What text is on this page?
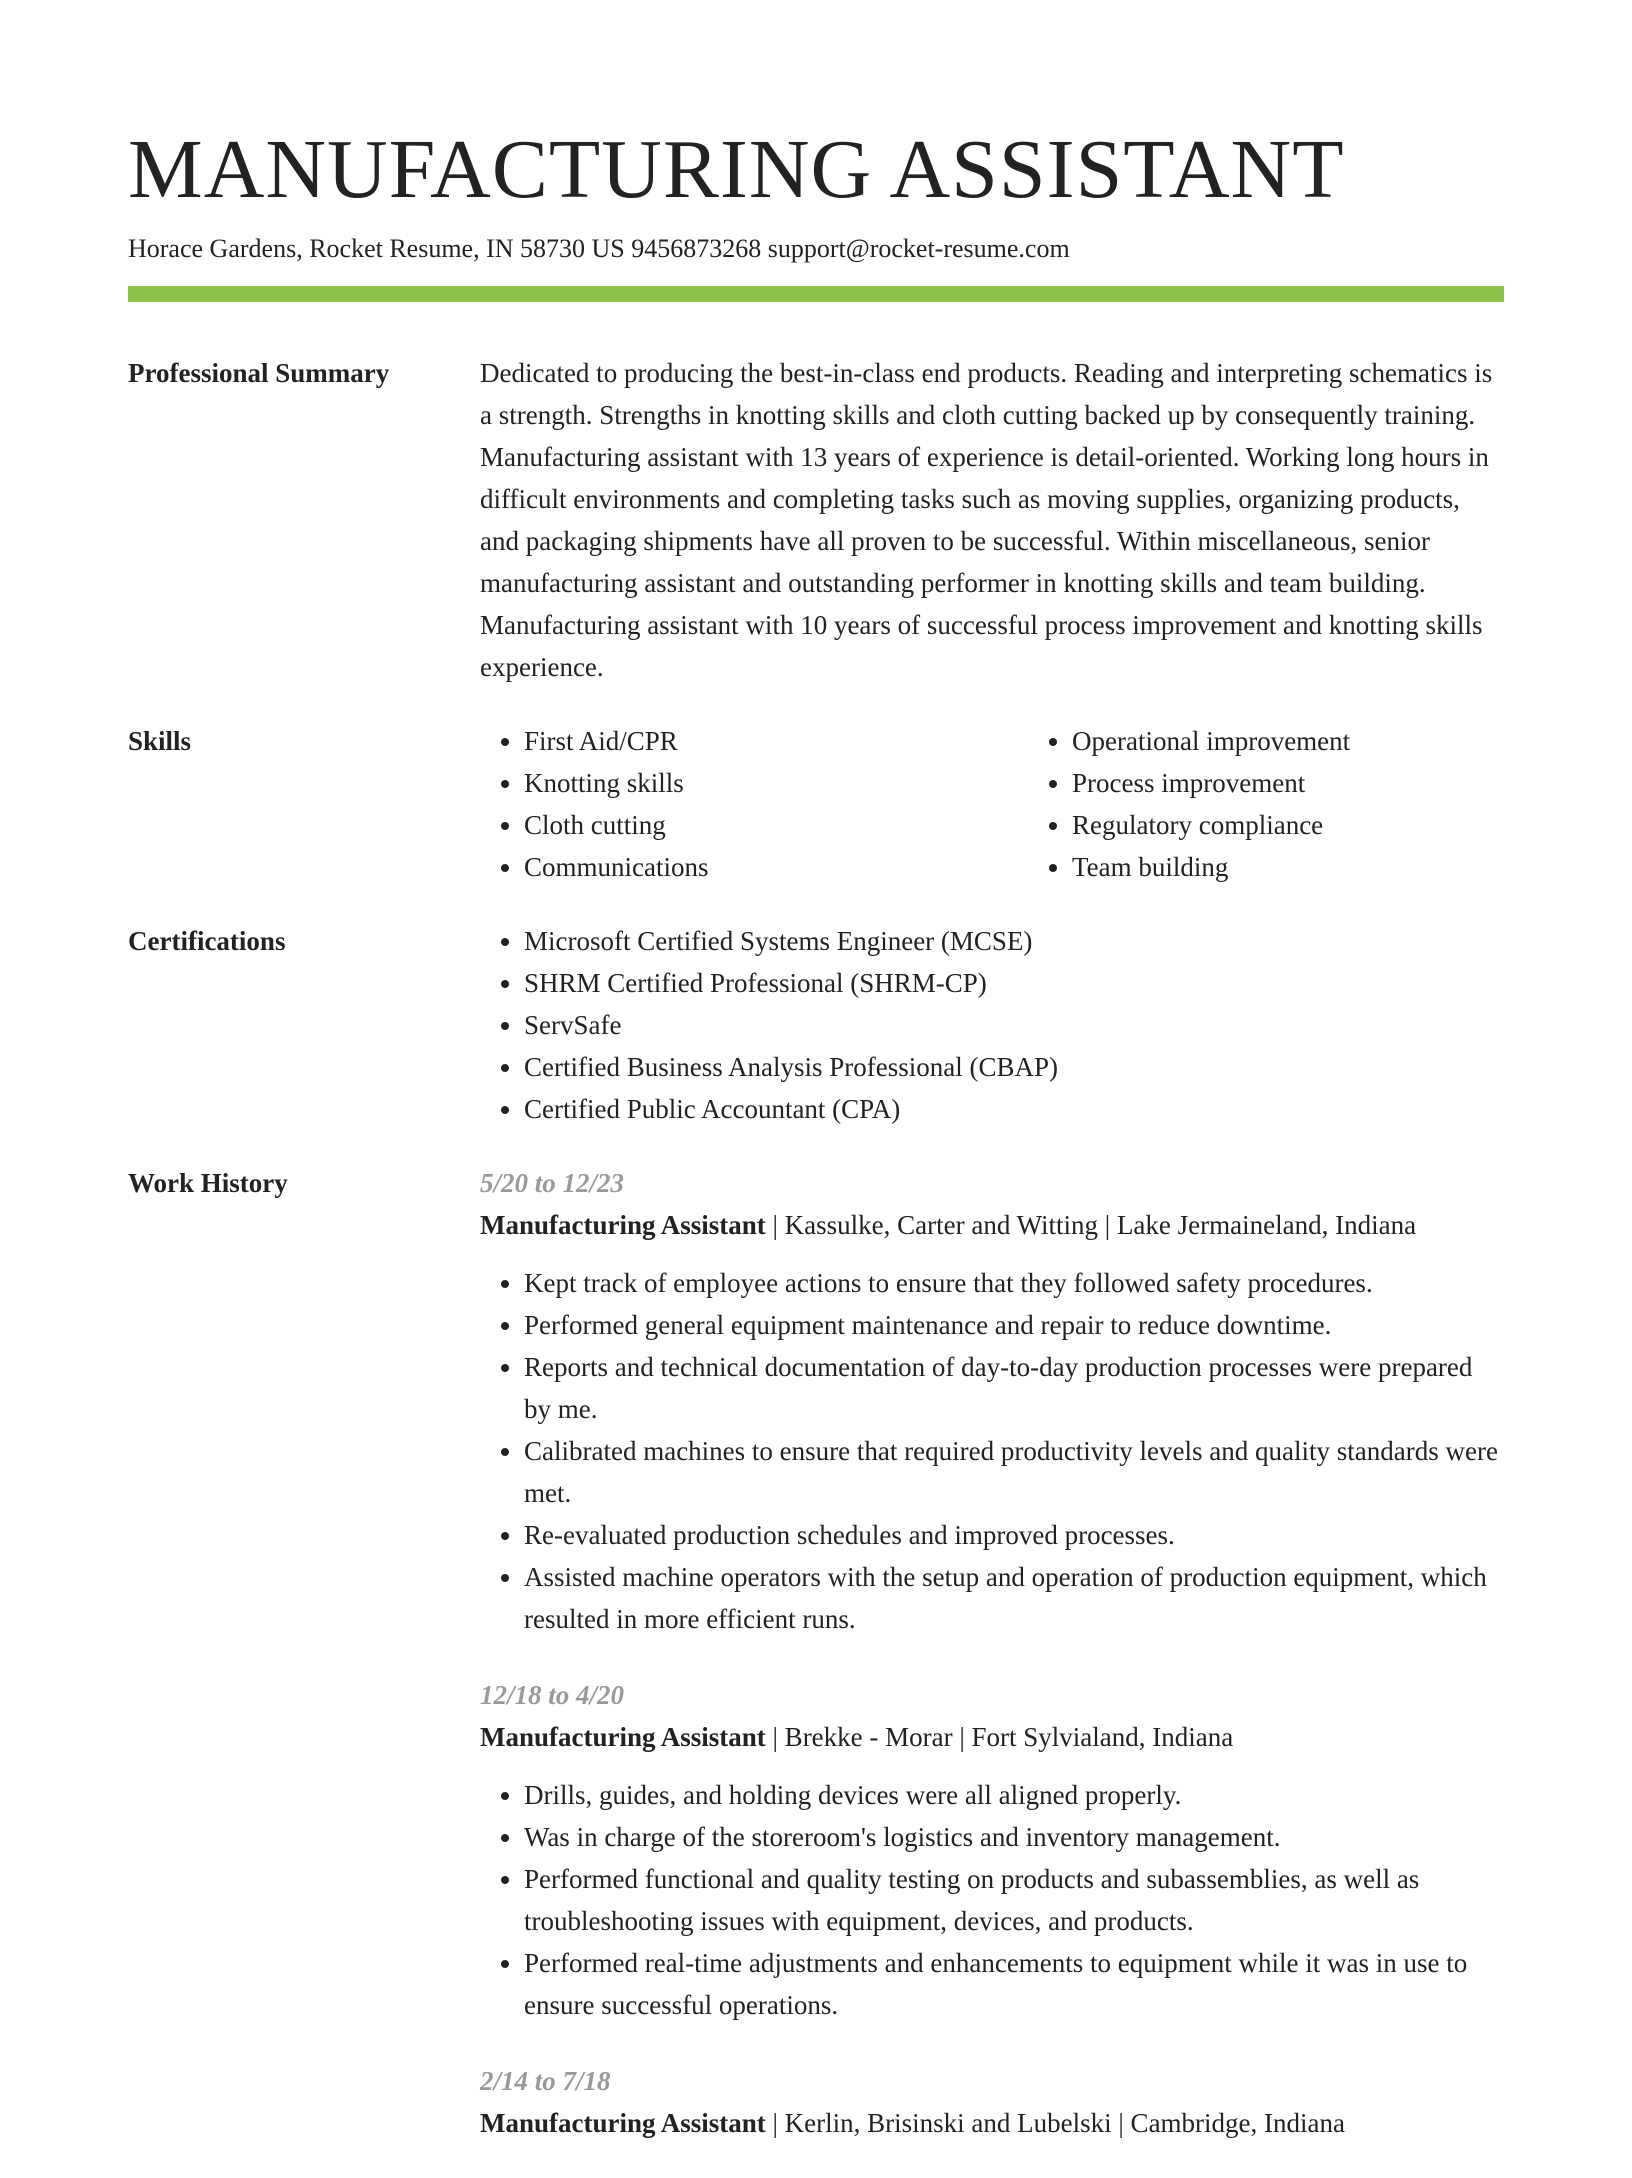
MANUFACTURING ASSISTANT
Horace Gardens, Rocket Resume, IN 58730 US 9456873268 support@rocket-resume.com
Professional Summary	Dedicated to producing the best-in-class end products. Reading and interpreting schematics is a strength. Strengths in knotting skills and cloth cutting backed up by consequently training. Manufacturing assistant with 13 years of experience is detail-oriented. Working long hours in difficult environments and completing tasks such as moving supplies, organizing products, and packaging shipments have all proven to be successful. Within miscellaneous, senior manufacturing assistant and outstanding performer in knotting skills and team building. Manufacturing assistant with 10 years of successful process improvement and knotting skills experience.
Skills	• First Aid/CPR
• Knotting skills
• Cloth cutting
• Communications
• Operational improvement
• Process improvement
• Regulatory compliance
• Team building
Certifications	• Microsoft Certified Systems Engineer (MCSE)
• SHRM Certified Professional (SHRM-CP)
• ServSafe
• Certified Business Analysis Professional (CBAP)
• Certified Public Accountant (CPA)
Work History	5/20 to 12/23
Manufacturing Assistant | Kassulke, Carter and Witting | Lake Jermaineland, Indiana
• Kept track of employee actions to ensure that they followed safety procedures.
• Performed general equipment maintenance and repair to reduce downtime.
• Reports and technical documentation of day-to-day production processes were prepared by me.
• Calibrated machines to ensure that required productivity levels and quality standards were met.
• Re-evaluated production schedules and improved processes.
• Assisted machine operators with the setup and operation of production equipment, which resulted in more efficient runs.
12/18 to 4/20
Manufacturing Assistant | Brekke - Morar | Fort Sylvialand, Indiana
• Drills, guides, and holding devices were all aligned properly.
• Was in charge of the storeroom's logistics and inventory management.
• Performed functional and quality testing on products and subassemblies, as well as troubleshooting issues with equipment, devices, and products.
• Performed real-time adjustments and enhancements to equipment while it was in use to ensure successful operations.
2/14 to 7/18
Manufacturing Assistant | Kerlin, Brisinski and Lubelski | Cambridge, Indiana
